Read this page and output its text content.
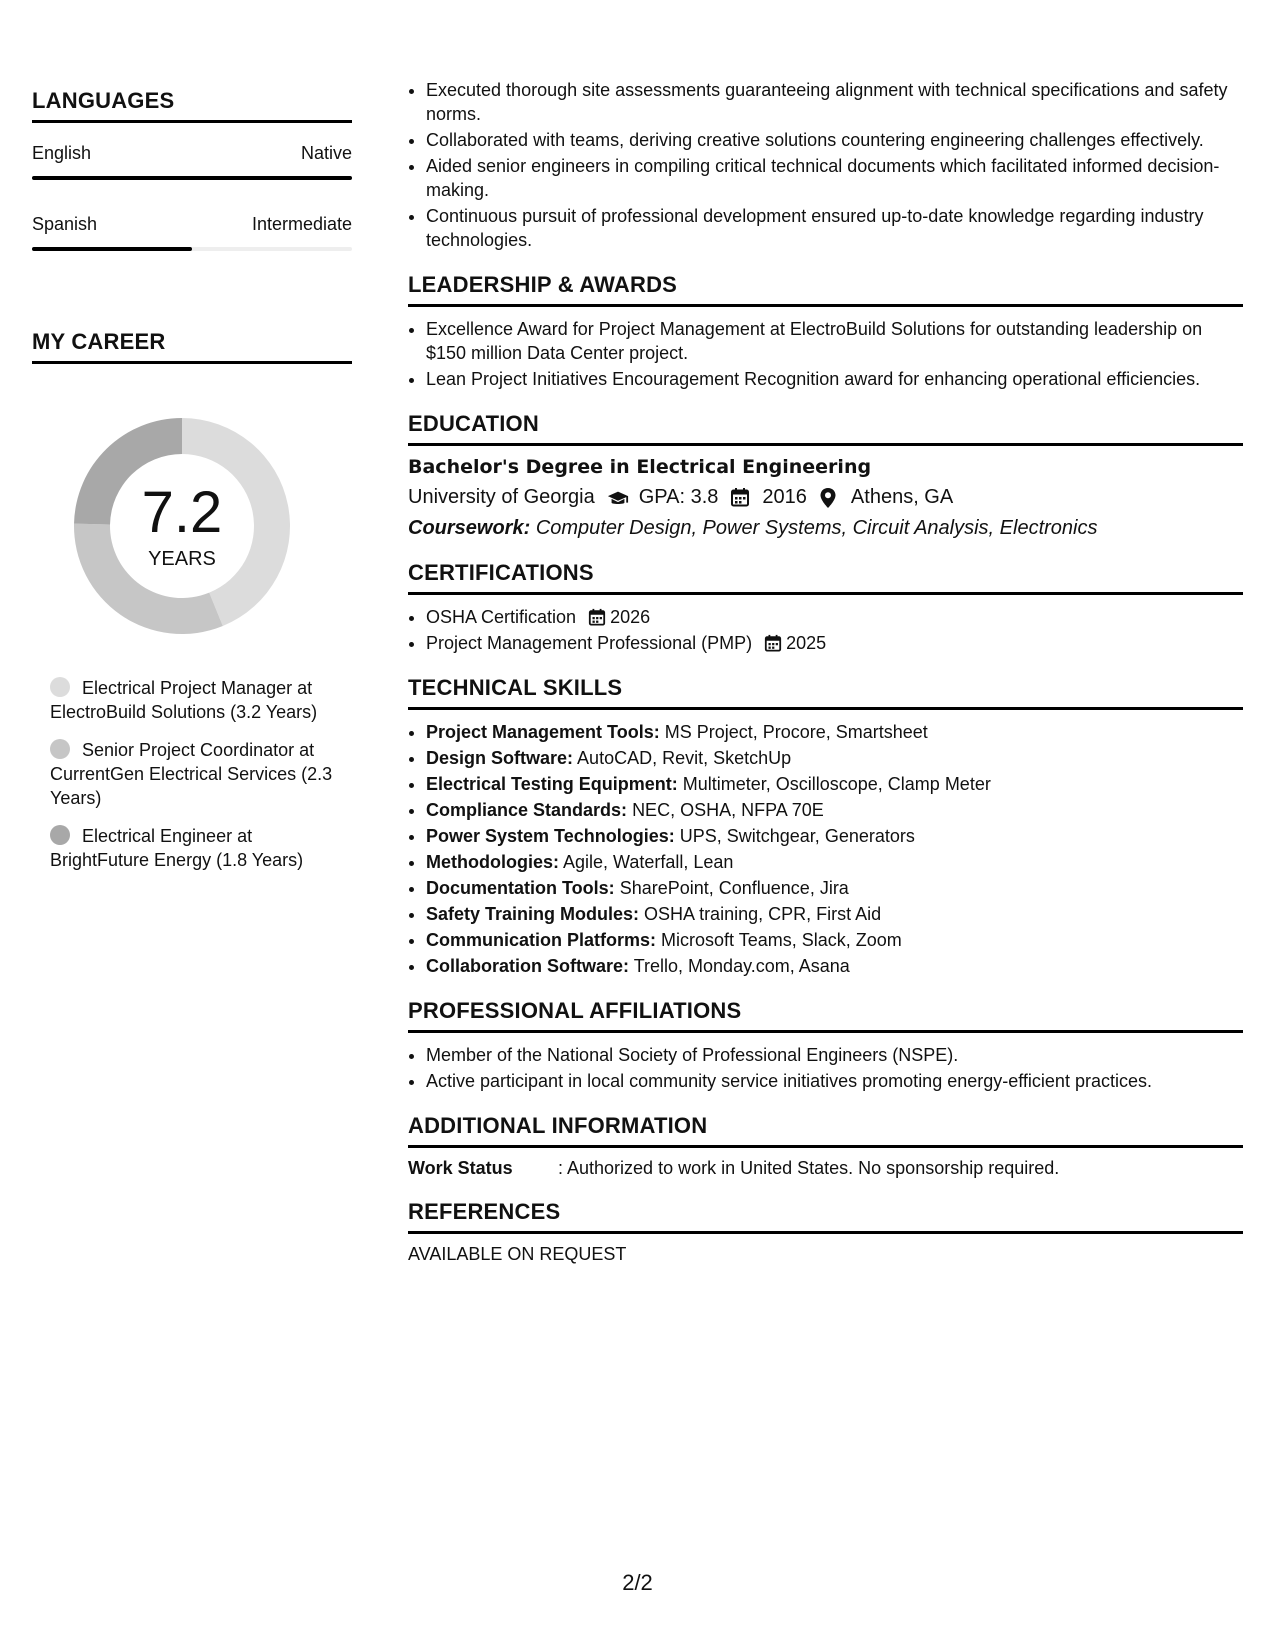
LANGUAGES
English	Native
Spanish	Intermediate
MY CAREER
7.2
YEARS
Electrical Project Manager at ElectroBuild Solutions (3.2 Years)
Senior Project Coordinator at CurrentGen Electrical Services (2.3 Years)
Electrical Engineer at BrightFuture Energy (1.8 Years)
• Executed thorough site assessments guaranteeing alignment with technical specifications and safety norms.
• Collaborated with teams, deriving creative solutions countering engineering challenges effectively.
• Aided senior engineers in compiling critical technical documents which facilitated informed decision-making.
• Continuous pursuit of professional development ensured up-to-date knowledge regarding industry technologies.
LEADERSHIP & AWARDS
• Excellence Award for Project Management at ElectroBuild Solutions for outstanding leadership on $150 million Data Center project.
• Lean Project Initiatives Encouragement Recognition award for enhancing operational efficiencies.
EDUCATION
Bachelor's Degree in Electrical Engineering
University of Georgia GPA: 3.8 2016 Athens, GA
Coursework: Computer Design, Power Systems, Circuit Analysis, Electronics
CERTIFICATIONS
• OSHA Certification 2026
• Project Management Professional (PMP) 2025
TECHNICAL SKILLS
• Project Management Tools: MS Project, Procore, Smartsheet
• Design Software: AutoCAD, Revit, SketchUp
• Electrical Testing Equipment: Multimeter, Oscilloscope, Clamp Meter
• Compliance Standards: NEC, OSHA, NFPA 70E
• Power System Technologies: UPS, Switchgear, Generators
• Methodologies: Agile, Waterfall, Lean
• Documentation Tools: SharePoint, Confluence, Jira
• Safety Training Modules: OSHA training, CPR, First Aid
• Communication Platforms: Microsoft Teams, Slack, Zoom
• Collaboration Software: Trello, Monday.com, Asana
PROFESSIONAL AFFILIATIONS
• Member of the National Society of Professional Engineers (NSPE).
• Active participant in local community service initiatives promoting energy-efficient practices.
ADDITIONAL INFORMATION
Work Status	: Authorized to work in United States. No sponsorship required.
REFERENCES
AVAILABLE ON REQUEST
2/2
